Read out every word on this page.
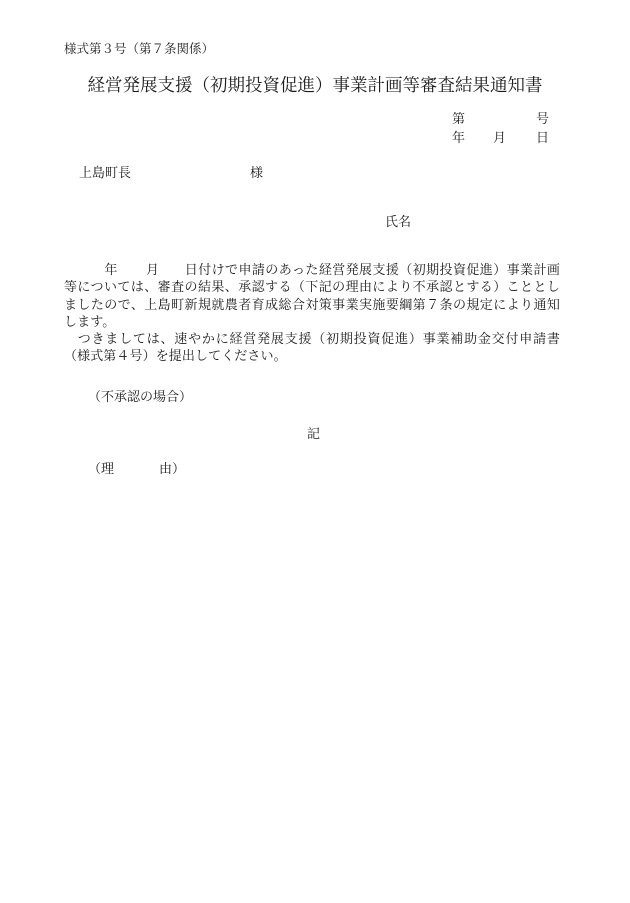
様式第３号（第７条関係）
経営発展支援（初期投資促進）事業計画等審査結果通知書
第	号
年 月 日
上島町長	様
氏名

年 月 日付けで申請のあった経営発展支援（初期投資促進）事業計画等については、審査の結果、承認する（下記の理由により不承認とする）こととしましたので、上島町新規就農者育成総合対策事業実施要綱第７条の規定により通知します。

つきましては、速やかに経営発展支援（初期投資促進）事業補助金交付申請書（様式第４号）を提出してください。

（不承認の場合）
記
（理	由）
